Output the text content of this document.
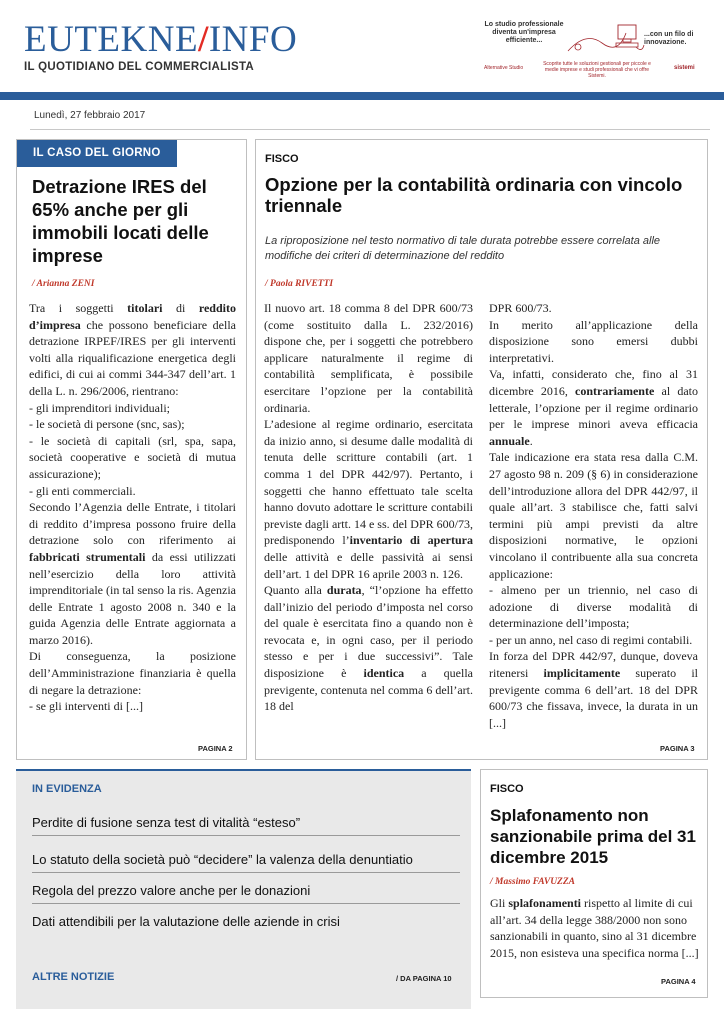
EUTEKNE/INFO
IL QUOTIDIANO DEL COMMERCIALISTA
Lo studio professionale diventa un'impresa efficiente...
...con un filo di innovazione.
Scoprite tutte le soluzioni gestionali per piccole e medie imprese e studi professionali che vi offre Sistemi.
Alternative Studio	sistemi
Lunedì, 27 febbraio 2017
IL CASO DEL GIORNO
Detrazione IRES del 65% anche per gli immobili locati delle imprese
/ Arianna ZENI
Tra i soggetti titolari di reddito d’impresa che possono beneficiare della detrazione IRPEF/IRES per gli interventi volti alla riqualificazione energetica degli edifici, di cui ai commi 344-347 dell’art. 1 della L. n. 296/2006, rientrano:
- gli imprenditori individuali;
- le società di persone (snc, sas);
- le società di capitali (srl, spa, sapa, società cooperative e società di mutua assicurazione);
- gli enti commerciali.
Secondo l’Agenzia delle Entrate, i titolari di reddito d’impresa possono fruire della detrazione solo con riferimento ai fabbricati strumentali da essi utilizzati nell’esercizio della loro attività imprenditoriale (in tal senso la ris. Agenzia delle Entrate 1 agosto 2008 n. 340 e la guida Agenzia delle Entrate aggiornata a marzo 2016).
Di conseguenza, la posizione dell’Amministrazione finanziaria è quella di negare la detrazione:
- se gli interventi di [...]
PAGINA 2
FISCO
Opzione per la contabilità ordinaria con vincolo triennale
La riproposizione nel testo normativo di tale durata potrebbe essere correlata alle modifiche dei criteri di determinazione del reddito
/ Paola RIVETTI
Il nuovo art. 18 comma 8 del DPR 600/73 (come sostituito dalla L. 232/2016) dispone che, per i soggetti che potrebbero applicare naturalmente il regime di contabilità semplificata, è possibile esercitare l’opzione per la contabilità ordinaria.
L’adesione al regime ordinario, esercitata da inizio anno, si desume dalle modalità di tenuta delle scritture contabili (art. 1 comma 1 del DPR 442/97). Pertanto, i soggetti che hanno effettuato tale scelta hanno dovuto adottare le scritture contabili previste dagli artt. 14 e ss. del DPR 600/73, predisponendo l’inventario di apertura delle attività e delle passività ai sensi dell’art. 1 del DPR 16 aprile 2003 n. 126.
Quanto alla durata, “l’opzione ha effetto dall’inizio del periodo d’imposta nel corso del quale è esercitata fino a quando non è revocata e, in ogni caso, per il periodo stesso e per i due successivi”. Tale disposizione è identica a quella previgente, contenuta nel comma 6 dell’art. 18 del
DPR 600/73.
In merito all’applicazione della disposizione sono emersi dubbi interpretativi.
Va, infatti, considerato che, fino al 31 dicembre 2016, contrariamente al dato letterale, l’opzione per il regime ordinario per le imprese minori aveva efficacia annuale.
Tale indicazione era stata resa dalla C.M. 27 agosto 98 n. 209 (§ 6) in considerazione dell’introduzione allora del DPR 442/97, il quale all’art. 3 stabilisce che, fatti salvi termini più ampi previsti da altre disposizioni normative, le opzioni vincolano il contribuente alla sua concreta applicazione:
- almeno per un triennio, nel caso di adozione di diverse modalità di determinazione dell’imposta;
- per un anno, nel caso di regimi contabili.
In forza del DPR 442/97, dunque, doveva ritenersi implicitamente superato il previgente comma 6 dell’art. 18 del DPR 600/73 che fissava, invece, la durata in un [...]
PAGINA 3
IN EVIDENZA
Perdite di fusione senza test di vitalità “esteso”
Lo statuto della società può “decidere” la valenza della denuntiatio
Regola del prezzo valore anche per le donazioni
Dati attendibili per la valutazione delle aziende in crisi
ALTRE NOTIZIE	/ DA PAGINA 10
FISCO
Splafonamento non sanzionabile prima del 31 dicembre 2015
/ Massimo FAVUZZA
Gli splafonamenti rispetto al limite di cui all’art. 34 della legge 388/2000 non sono sanzionabili in quanto, sino al 31 dicembre 2015, non esisteva una specifica norma [...]
PAGINA 4
